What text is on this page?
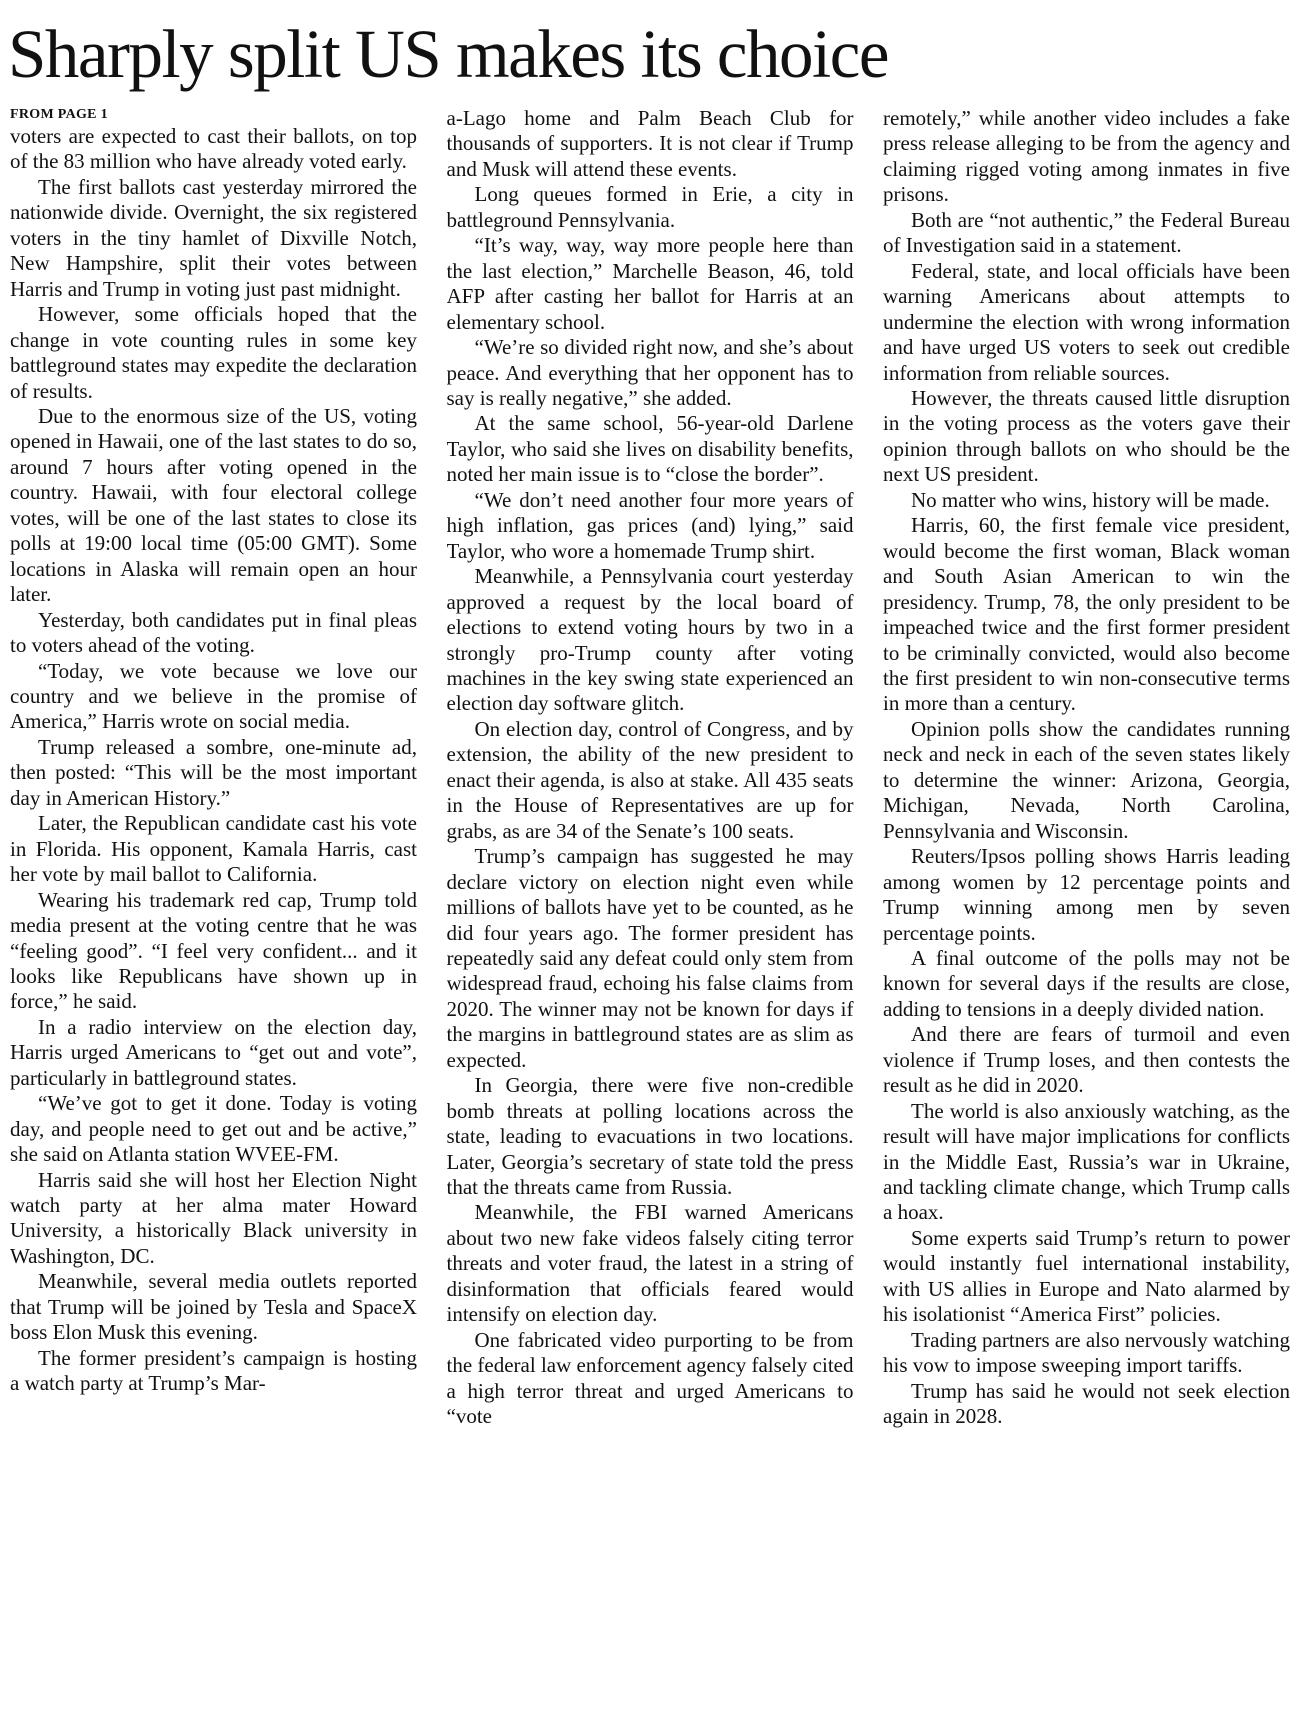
Sharply split US makes its choice
FROM PAGE 1

voters are expected to cast their ballots, on top of the 83 million who have already voted early.

The first ballots cast yesterday mirrored the nationwide divide. Overnight, the six registered voters in the tiny hamlet of Dixville Notch, New Hampshire, split their votes between Harris and Trump in voting just past midnight.

However, some officials hoped that the change in vote counting rules in some key battleground states may expedite the declaration of results.

Due to the enormous size of the US, voting opened in Hawaii, one of the last states to do so, around 7 hours after voting opened in the country. Hawaii, with four electoral college votes, will be one of the last states to close its polls at 19:00 local time (05:00 GMT). Some locations in Alaska will remain open an hour later.

Yesterday, both candidates put in final pleas to voters ahead of the voting.

“Today, we vote because we love our country and we believe in the promise of America,” Harris wrote on social media.

Trump released a sombre, one-minute ad, then posted: “This will be the most important day in American History.”

Later, the Republican candidate cast his vote in Florida. His opponent, Kamala Harris, cast her vote by mail ballot to California.

Wearing his trademark red cap, Trump told media present at the voting centre that he was “feeling good”. “I feel very confident... and it looks like Republicans have shown up in force,” he said.

In a radio interview on the election day, Harris urged Americans to “get out and vote”, particularly in battleground states.

“We’ve got to get it done. Today is voting day, and people need to get out and be active,” she said on Atlanta station WVEE-FM.

Harris said she will host her Election Night watch party at her alma mater Howard University, a historically Black university in Washington, DC.

Meanwhile, several media outlets reported that Trump will be joined by Tesla and SpaceX boss Elon Musk this evening.

The former president’s campaign is hosting a watch party at Trump’s Mar-

a-Lago home and Palm Beach Club for thousands of supporters. It is not clear if Trump and Musk will attend these events.

Long queues formed in Erie, a city in battleground Pennsylvania.

“It’s way, way, way more people here than the last election,” Marchelle Beason, 46, told AFP after casting her ballot for Harris at an elementary school.

“We’re so divided right now, and she’s about peace. And everything that her opponent has to say is really negative,” she added.

At the same school, 56-year-old Darlene Taylor, who said she lives on disability benefits, noted her main issue is to “close the border”.

“We don’t need another four more years of high inflation, gas prices (and) lying,” said Taylor, who wore a homemade Trump shirt.

Meanwhile, a Pennsylvania court yesterday approved a request by the local board of elections to extend voting hours by two in a strongly pro-Trump county after voting machines in the key swing state experienced an election day software glitch.

On election day, control of Congress, and by extension, the ability of the new president to enact their agenda, is also at stake. All 435 seats in the House of Representatives are up for grabs, as are 34 of the Senate’s 100 seats.

Trump’s campaign has suggested he may declare victory on election night even while millions of ballots have yet to be counted, as he did four years ago. The former president has repeatedly said any defeat could only stem from widespread fraud, echoing his false claims from 2020. The winner may not be known for days if the margins in battleground states are as slim as expected.

In Georgia, there were five non-credible bomb threats at polling locations across the state, leading to evacuations in two locations. Later, Georgia’s secretary of state told the press that the threats came from Russia.

Meanwhile, the FBI warned Americans about two new fake videos falsely citing terror threats and voter fraud, the latest in a string of disinformation that officials feared would intensify on election day.

One fabricated video purporting to be from the federal law enforcement agency falsely cited a high terror threat and urged Americans to “vote

remotely,” while another video includes a fake press release alleging to be from the agency and claiming rigged voting among inmates in five prisons.

Both are “not authentic,” the Federal Bureau of Investigation said in a statement.

Federal, state, and local officials have been warning Americans about attempts to undermine the election with wrong information and have urged US voters to seek out credible information from reliable sources.

However, the threats caused little disruption in the voting process as the voters gave their opinion through ballots on who should be the next US president.

No matter who wins, history will be made.

Harris, 60, the first female vice president, would become the first woman, Black woman and South Asian American to win the presidency. Trump, 78, the only president to be impeached twice and the first former president to be criminally convicted, would also become the first president to win non-consecutive terms in more than a century.

Opinion polls show the candidates running neck and neck in each of the seven states likely to determine the winner: Arizona, Georgia, Michigan, Nevada, North Carolina, Pennsylvania and Wisconsin.

Reuters/Ipsos polling shows Harris leading among women by 12 percentage points and Trump winning among men by seven percentage points.

A final outcome of the polls may not be known for several days if the results are close, adding to tensions in a deeply divided nation.

And there are fears of turmoil and even violence if Trump loses, and then contests the result as he did in 2020.

The world is also anxiously watching, as the result will have major implications for conflicts in the Middle East, Russia’s war in Ukraine, and tackling climate change, which Trump calls a hoax.

Some experts said Trump’s return to power would instantly fuel international instability, with US allies in Europe and Nato alarmed by his isolationist “America First” policies.

Trading partners are also nervously watching his vow to impose sweeping import tariffs.

Trump has said he would not seek election again in 2028.
